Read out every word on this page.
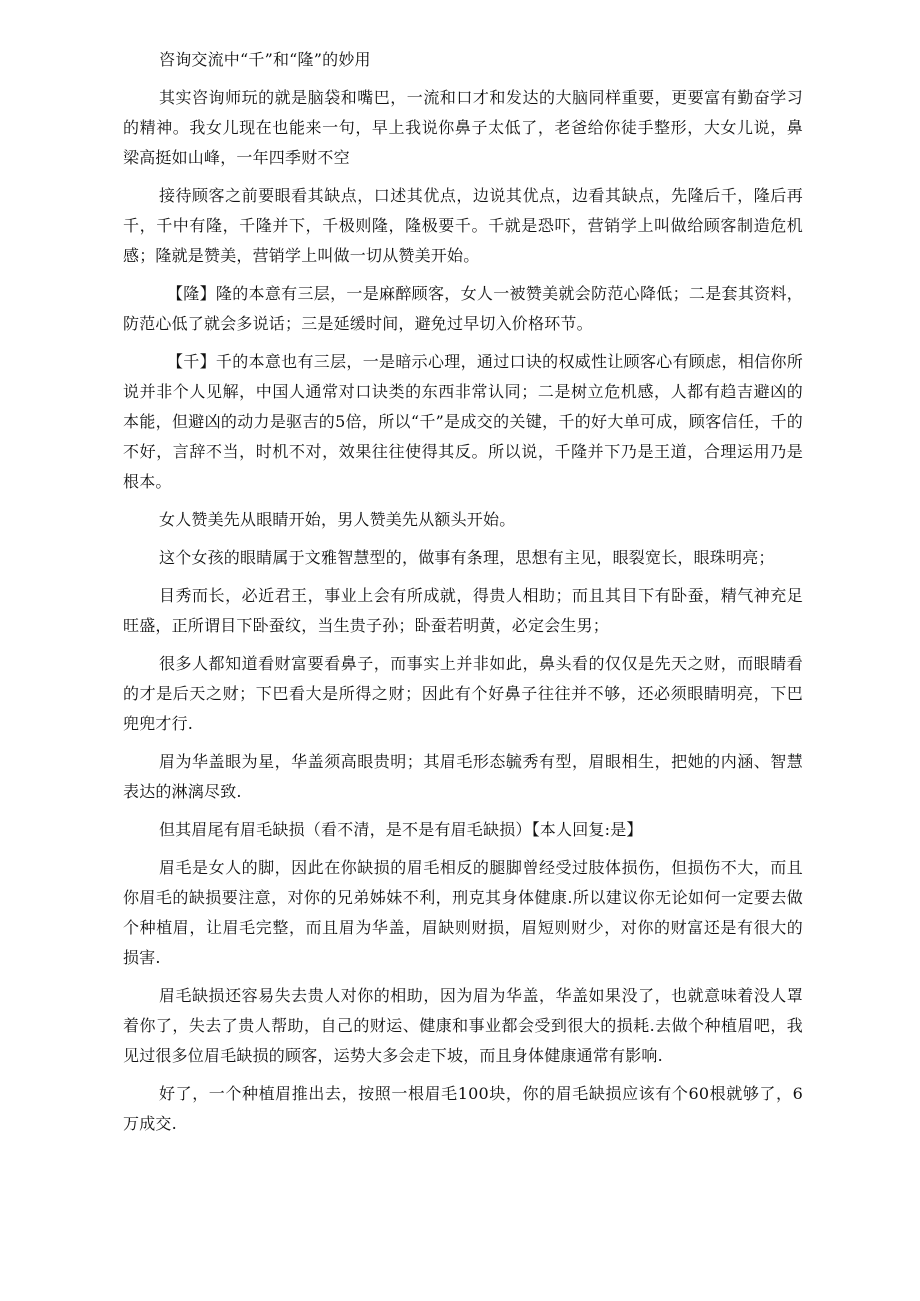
咨询交流中“千”和“隆”的妙用

其实咨询师玩的就是脑袋和嘴巴，一流和口才和发达的大脑同样重要，更要富有勤奋学习的精神。我女儿现在也能来一句，早上我说你鼻子太低了，老爸给你徒手整形，大女儿说，鼻梁高挺如山峰，一年四季财不空

接待顾客之前要眼看其缺点，口述其优点，边说其优点，边看其缺点，先隆后千，隆后再千，千中有隆，千隆并下，千极则隆，隆极要千。千就是恐吓，营销学上叫做给顾客制造危机感；隆就是赞美，营销学上叫做一切从赞美开始。

【隆】隆的本意有三层，一是麻醉顾客，女人一被赞美就会防范心降低；二是套其资料，防范心低了就会多说话；三是延缓时间，避免过早切入价格环节。

【千】千的本意也有三层，一是暗示心理，通过口诀的权威性让顾客心有顾虑，相信你所说并非个人见解，中国人通常对口诀类的东西非常认同；二是树立危机感，人都有趋吉避凶的本能，但避凶的动力是驱吉的5倍，所以“千”是成交的关键，千的好大单可成，顾客信任，千的不好，言辞不当，时机不对，效果往往使得其反。所以说，千隆并下乃是王道，合理运用乃是根本。

女人赞美先从眼睛开始，男人赞美先从额头开始。

这个女孩的眼睛属于文雅智慧型的，做事有条理，思想有主见，眼裂宽长，眼珠明亮；

目秀而长，必近君王，事业上会有所成就，得贵人相助；而且其目下有卧蚕，精气神充足旺盛，正所谓目下卧蚕纹，当生贵子孙；卧蚕若明黄，必定会生男；

很多人都知道看财富要看鼻子，而事实上并非如此，鼻头看的仅仅是先天之财，而眼睛看的才是后天之财；下巴看大是所得之财；因此有个好鼻子往往并不够，还必须眼睛明亮，下巴兜兜才行.

眉为华盖眼为星，华盖须高眼贵明；其眉毛形态毓秀有型，眉眼相生，把她的内涵、智慧表达的淋漓尽致.

但其眉尾有眉毛缺损（看不清，是不是有眉毛缺损）【本人回复:是】

眉毛是女人的脚，因此在你缺损的眉毛相反的腿脚曾经受过肢体损伤，但损伤不大，而且你眉毛的缺损要注意，对你的兄弟姊妹不利，刑克其身体健康.所以建议你无论如何一定要去做个种植眉，让眉毛完整，而且眉为华盖，眉缺则财损，眉短则财少，对你的财富还是有很大的损害.

眉毛缺损还容易失去贵人对你的相助，因为眉为华盖，华盖如果没了，也就意味着没人罩着你了，失去了贵人帮助，自己的财运、健康和事业都会受到很大的损耗.去做个种植眉吧，我见过很多位眉毛缺损的顾客，运势大多会走下坡，而且身体健康通常有影响.

好了，一个种植眉推出去，按照一根眉毛100块，你的眉毛缺损应该有个60根就够了，6万成交.
